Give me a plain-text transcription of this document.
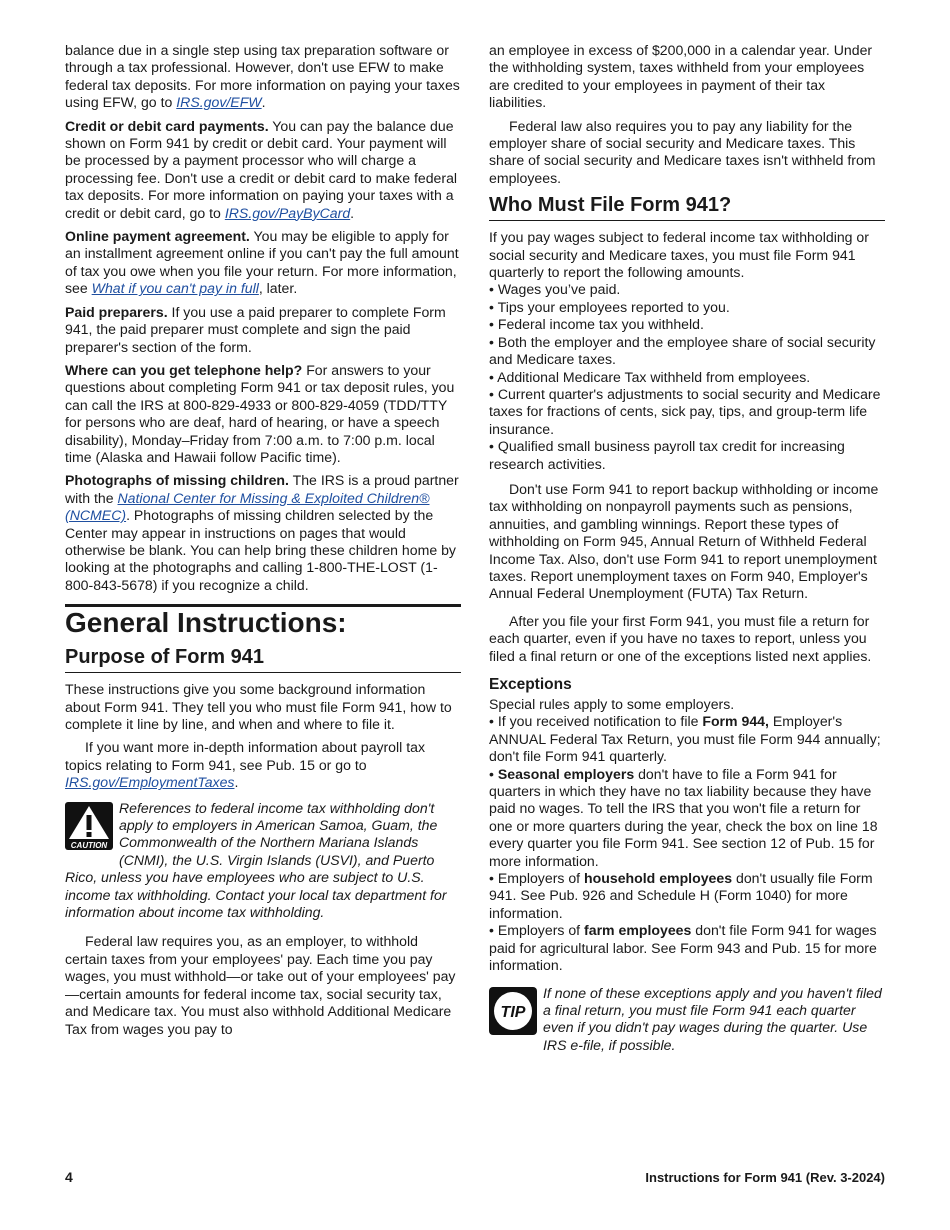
balance due in a single step using tax preparation software or through a tax professional. However, don't use EFW to make federal tax deposits. For more information on paying your taxes using EFW, go to IRS.gov/EFW.

Credit or debit card payments. You can pay the balance due shown on Form 941 by credit or debit card. Your payment will be processed by a payment processor who will charge a processing fee. Don't use a credit or debit card to make federal tax deposits. For more information on paying your taxes with a credit or debit card, go to IRS.gov/PayByCard.

Online payment agreement. You may be eligible to apply for an installment agreement online if you can't pay the full amount of tax you owe when you file your return. For more information, see What if you can't pay in full, later.

Paid preparers. If you use a paid preparer to complete Form 941, the paid preparer must complete and sign the paid preparer's section of the form.

Where can you get telephone help? For answers to your questions about completing Form 941 or tax deposit rules, you can call the IRS at 800-829-4933 or 800-829-4059 (TDD/TTY for persons who are deaf, hard of hearing, or have a speech disability), Monday–Friday from 7:00 a.m. to 7:00 p.m. local time (Alaska and Hawaii follow Pacific time).

Photographs of missing children. The IRS is a proud partner with the National Center for Missing & Exploited Children® (NCMEC). Photographs of missing children selected by the Center may appear in instructions on pages that would otherwise be blank. You can help bring these children home by looking at the photographs and calling 1-800-THE-LOST (1-800-843-5678) if you recognize a child.

General Instructions:
Purpose of Form 941

These instructions give you some background information about Form 941. They tell you who must file Form 941, how to complete it line by line, and when and where to file it.

If you want more in-depth information about payroll tax topics relating to Form 941, see Pub. 15 or go to IRS.gov/EmploymentTaxes.

CAUTION
References to federal income tax withholding don't apply to employers in American Samoa, Guam, the Commonwealth of the Northern Mariana Islands (CNMI), the U.S. Virgin Islands (USVI), and Puerto Rico, unless you have employees who are subject to U.S. income tax withholding. Contact your local tax department for information about income tax withholding.

Federal law requires you, as an employer, to withhold certain taxes from your employees' pay. Each time you pay wages, you must withhold—or take out of your employees' pay—certain amounts for federal income tax, social security tax, and Medicare tax. You must also withhold Additional Medicare Tax from wages you pay to

an employee in excess of $200,000 in a calendar year. Under the withholding system, taxes withheld from your employees are credited to your employees in payment of their tax liabilities.

Federal law also requires you to pay any liability for the employer share of social security and Medicare taxes. This share of social security and Medicare taxes isn't withheld from employees.

Who Must File Form 941?

If you pay wages subject to federal income tax withholding or social security and Medicare taxes, you must file Form 941 quarterly to report the following amounts.

• Wages you’ve paid.
• Tips your employees reported to you.
• Federal income tax you withheld.
• Both the employer and the employee share of social security and Medicare taxes.
• Additional Medicare Tax withheld from employees.
• Current quarter's adjustments to social security and Medicare taxes for fractions of cents, sick pay, tips, and group-term life insurance.
• Qualified small business payroll tax credit for increasing research activities.

Don't use Form 941 to report backup withholding or income tax withholding on nonpayroll payments such as pensions, annuities, and gambling winnings. Report these types of withholding on Form 945, Annual Return of Withheld Federal Income Tax. Also, don't use Form 941 to report unemployment taxes. Report unemployment taxes on Form 940, Employer's Annual Federal Unemployment (FUTA) Tax Return.

After you file your first Form 941, you must file a return for each quarter, even if you have no taxes to report, unless you filed a final return or one of the exceptions listed next applies.

Exceptions

Special rules apply to some employers.

• If you received notification to file Form 944, Employer's ANNUAL Federal Tax Return, you must file Form 944 annually; don't file Form 941 quarterly.
• Seasonal employers don't have to file a Form 941 for quarters in which they have no tax liability because they have paid no wages. To tell the IRS that you won't file a return for one or more quarters during the year, check the box on line 18 every quarter you file Form 941. See section 12 of Pub. 15 for more information.
• Employers of household employees don't usually file Form 941. See Pub. 926 and Schedule H (Form 1040) for more information.
• Employers of farm employees don't file Form 941 for wages paid for agricultural labor. See Form 943 and Pub. 15 for more information.
TIP
If none of these exceptions apply and you haven't filed a final return, you must file Form 941 each quarter even if you didn't pay wages during the quarter. Use IRS e-file, if possible.
4	Instructions for Form 941 (Rev. 3-2024)
